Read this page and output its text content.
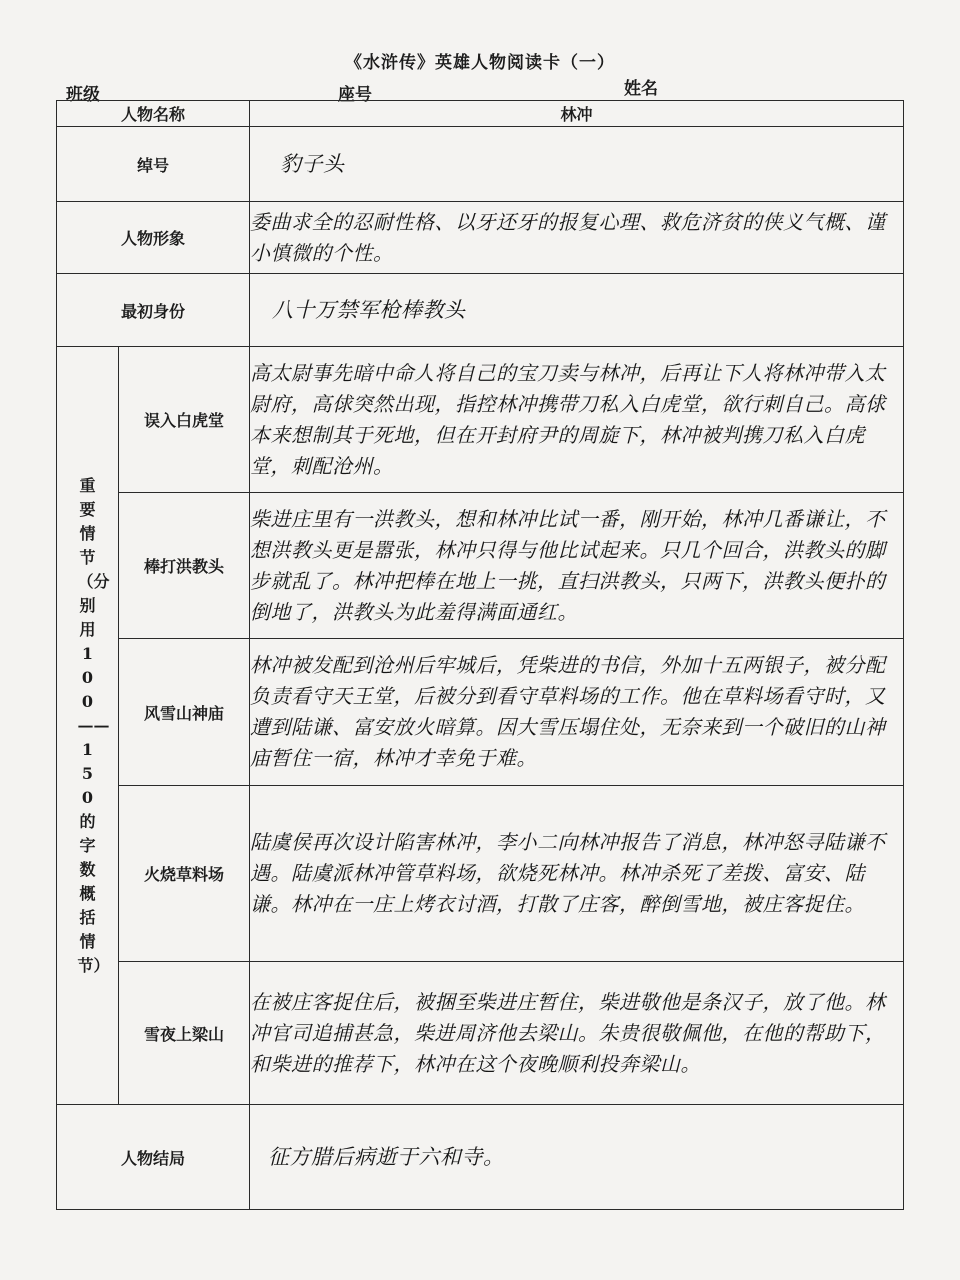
《水浒传》英雄人物阅读卡（一）
班级	座号	姓名
人物名称		林冲
绰号		豹子头
人物形象		委曲求全的忍耐性格、以牙还牙的报复心理、救危济贫的侠义气概、谨小慎微的个性。
最初身份		八十万禁军枪棒教头

重要情节（分别用100——150的字数概括情节）	误入白虎堂	高太尉事先暗中命人将自己的宝刀卖与林冲，后再让下人将林冲带入太尉府，高俅突然出现，指控林冲携带刀私入白虎堂，欲行刺自己。高俅本来想制其于死地，但在开封府尹的周旋下，林冲被判携刀私入白虎堂，刺配沧州。
	棒打洪教头	柴进庄里有一洪教头，想和林冲比试一番，刚开始，林冲几番谦让，不想洪教头更是嚣张，林冲只得与他比试起来。只几个回合，洪教头的脚步就乱了。林冲把棒在地上一挑，直扫洪教头，只两下，洪教头便扑的倒地了，洪教头为此羞得满面通红。
	风雪山神庙	林冲被发配到沧州后牢城后，凭柴进的书信，外加十五两银子，被分配负责看守天王堂，后被分到看守草料场的工作。他在草料场看守时，又遭到陆谦、富安放火暗算。因大雪压塌住处，无奈来到一个破旧的山神庙暂住一宿，林冲才幸免于难。
	火烧草料场	陆虞侯再次设计陷害林冲，李小二向林冲报告了消息，林冲怒寻陆谦不遇。陆虞派林冲管草料场，欲烧死林冲。林冲杀死了差拨、富安、陆谦。林冲在一庄上烤衣讨酒，打散了庄客，醉倒雪地，被庄客捉住。
	雪夜上梁山	在被庄客捉住后，被捆至柴进庄暂住，柴进敬他是条汉子，放了他。林冲官司追捕甚急，柴进周济他去梁山。朱贵很敬佩他，在他的帮助下，和柴进的推荐下，林冲在这个夜晚顺利投奔梁山。
人物结局		征方腊后病逝于六和寺。
